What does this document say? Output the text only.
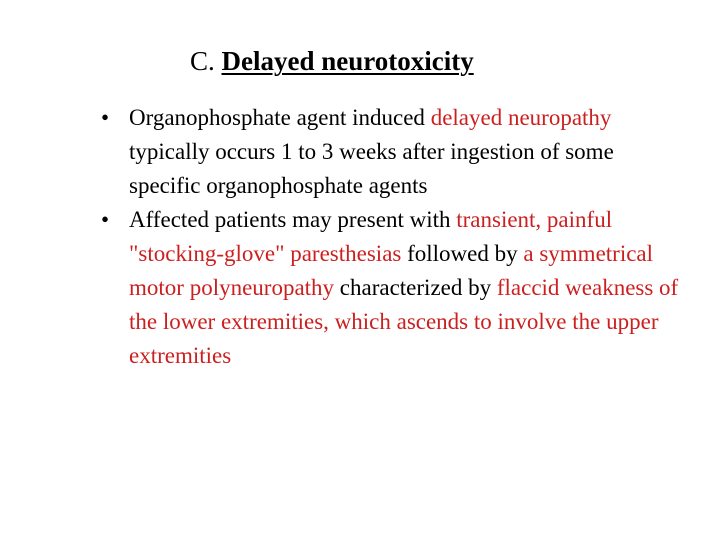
C. Delayed neurotoxicity
• Organophosphate agent induced delayed neuropathy typically occurs 1 to 3 weeks after ingestion of some specific organophosphate agents
• Affected patients may present with transient, painful "stocking-glove" paresthesias followed by a symmetrical motor polyneuropathy characterized by flaccid weakness of the lower extremities, which ascends to involve the upper extremities
